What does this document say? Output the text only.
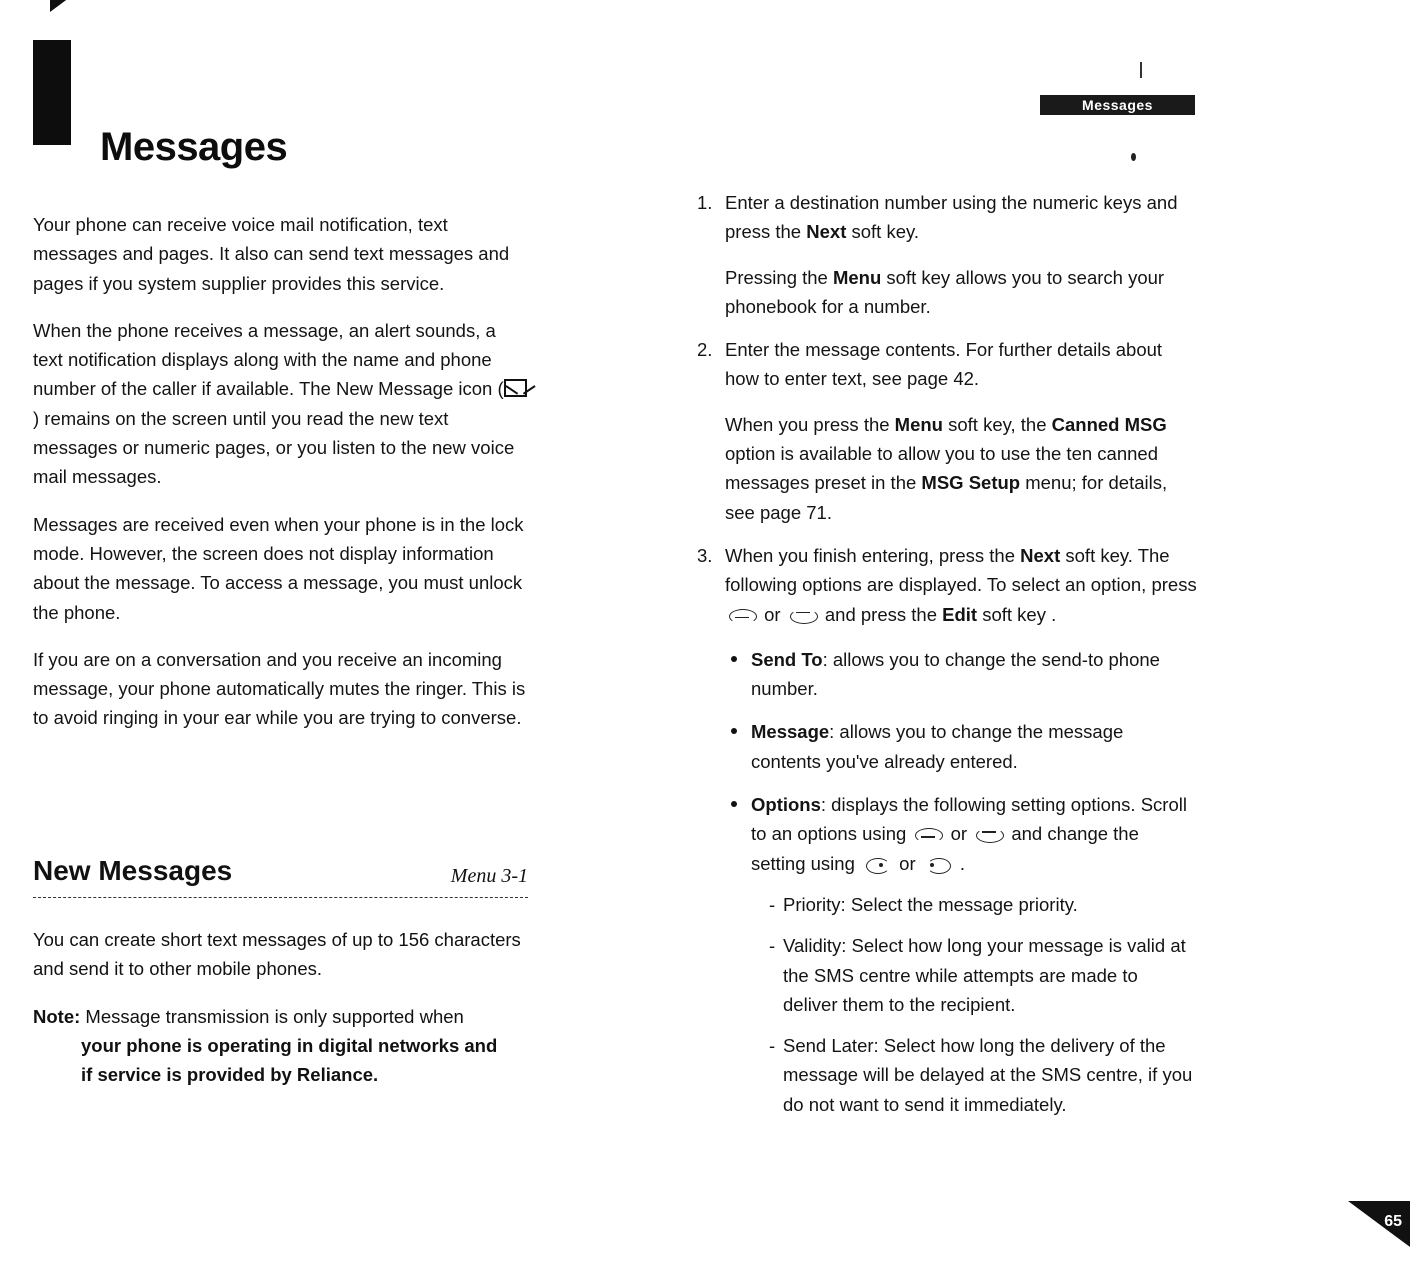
Messages

Your phone can receive voice mail notification, text messages and pages. It also can send text messages and pages if you system supplier provides this service.

When the phone receives a message, an alert sounds, a text notification displays along with the name and phone number of the caller if available. The New Message icon () remains on the screen until you read the new text messages or numeric pages, or you listen to the new voice mail messages.

Messages are received even when your phone is in the lock mode. However, the screen does not display information about the message. To access a message, you must unlock the phone.

If you are on a conversation and you receive an incoming message, your phone automatically mutes the ringer. This is to avoid ringing in your ear while you are trying to converse.

New Messages	Menu 3-1

You can create short text messages of up to 156 characters and send it to other mobile phones.

Note: Message transmission is only supported when
your phone is operating in digital networks and
if service is provided by Reliance.
Messages
1. Enter a destination number using the numeric keys and press the Next soft key.

Pressing the Menu soft key allows you to search your phonebook for a number.

2. Enter the message contents. For further details about how to enter text, see page 42.

When you press the Menu soft key, the Canned MSG option is available to allow you to use the ten canned messages preset in the MSG Setup menu; for details, see page 71.

3. When you finish entering, press the Next soft key. The following options are displayed. To select an option, press
or
and press the Edit soft key .

Send To: allows you to change the send-to phone number.
Message: allows you to change the message contents you've already entered.
Options: displays the following setting options. Scroll to an options using or and change the setting using or .
- Priority: Select the message priority.
- Validity: Select how long your message is valid at the SMS centre while attempts are made to deliver them to the recipient.
- Send Later: Select how long the delivery of the message will be delayed at the SMS centre, if you do not want to send it immediately.
65
